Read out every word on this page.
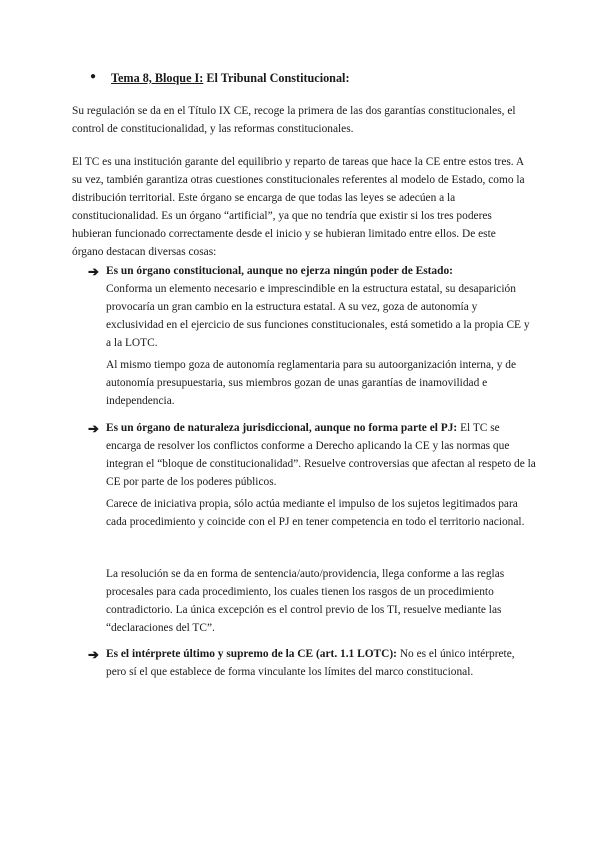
● Tema 8, Bloque I: El Tribunal Constitucional:

Su regulación se da en el Título IX CE, recoge la primera de las dos garantías constitucionales, el control de constitucionalidad, y las reformas constitucionales.

El TC es una institución garante del equilibrio y reparto de tareas que hace la CE entre estos tres. A su vez, también garantiza otras cuestiones constitucionales referentes al modelo de Estado, como la distribución territorial. Este órgano se encarga de que todas las leyes se adecúen a la constitucionalidad. Es un órgano “artificial”, ya que no tendría que existir si los tres poderes hubieran funcionado correctamente desde el inicio y se hubieran limitado entre ellos. De este órgano destacan diversas cosas:

➔ Es un órgano constitucional, aunque no ejerza ningún poder de Estado:
Conforma un elemento necesario e imprescindible en la estructura estatal, su desaparición provocaría un gran cambio en la estructura estatal. A su vez, goza de autonomía y exclusividad en el ejercicio de sus funciones constitucionales, está sometido a la propia CE y a la LOTC.

Al mismo tiempo goza de autonomía reglamentaria para su autoorganización interna, y de autonomía presupuestaria, sus miembros gozan de unas garantías de inamovilidad e independencia.

➔ Es un órgano de naturaleza jurisdiccional, aunque no forma parte el PJ: El TC se encarga de resolver los conflictos conforme a Derecho aplicando la CE y las normas que integran el “bloque de constitucionalidad”. Resuelve controversias que afectan al respeto de la CE por parte de los poderes públicos.

Carece de iniciativa propia, sólo actúa mediante el impulso de los sujetos legitimados para cada procedimiento y coincide con el PJ en tener competencia en todo el territorio nacional.

La resolución se da en forma de sentencia/auto/providencia, llega conforme a las reglas procesales para cada procedimiento, los cuales tienen los rasgos de un procedimiento contradictorio. La única excepción es el control previo de los TI, resuelve mediante las “declaraciones del TC”.

➔ Es el intérprete último y supremo de la CE (art. 1.1 LOTC): No es el único intérprete, pero sí el que establece de forma vinculante los límites del marco constitucional.
